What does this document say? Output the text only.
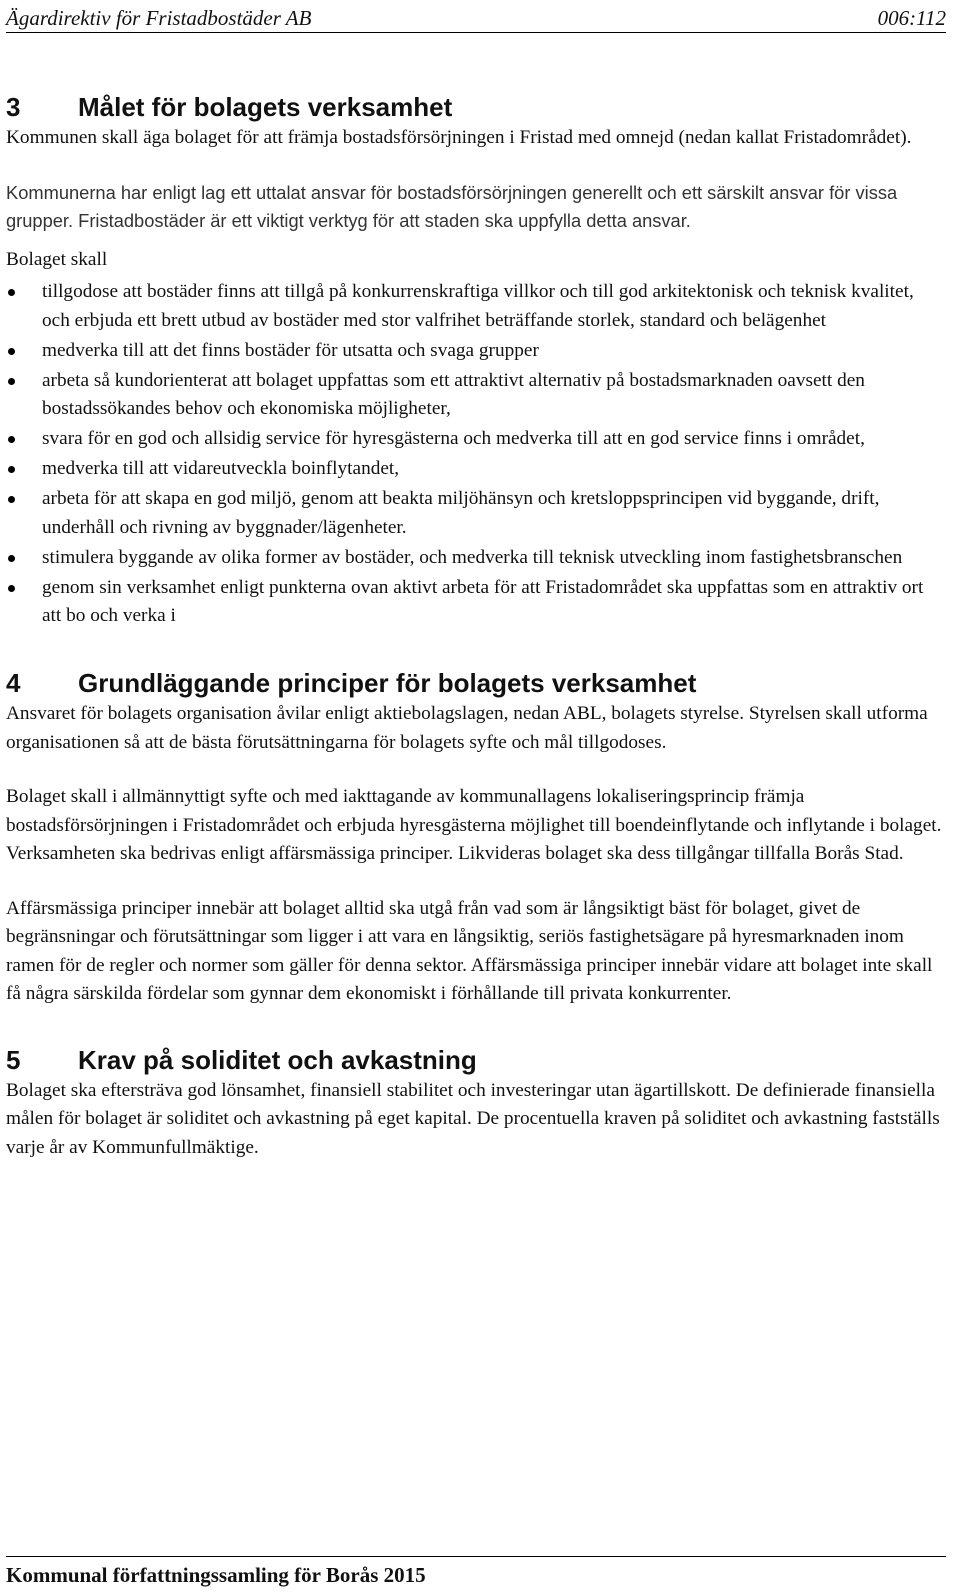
Ägardirektiv för Fristadbostäder AB	006:112
3 Målet för bolagets verksamhet

Kommunen skall äga bolaget för att främja bostadsförsörjningen i Fristad med omnejd (nedan kallat Fristadområdet).

Kommunerna har enligt lag ett uttalat ansvar för bostadsförsörjningen generellt och ett särskilt ansvar för vissa grupper. Fristadbostäder är ett viktigt verktyg för att staden ska uppfylla detta ansvar.

Bolaget skall

tillgodose att bostäder finns att tillgå på konkurrenskraftiga villkor och till god arkitektonisk och teknisk kvalitet, och erbjuda ett brett utbud av bostäder med stor valfrihet beträffande storlek, standard och belägenhet
medverka till att det finns bostäder för utsatta och svaga grupper
arbeta så kundorienterat att bolaget uppfattas som ett attraktivt alternativ på bostadsmarknaden oavsett den bostadssökandes behov och ekonomiska möjligheter,
svara för en god och allsidig service för hyresgästerna och medverka till att en god service finns i området,
medverka till att vidareutveckla boinflytandet,
arbeta för att skapa en god miljö, genom att beakta miljöhänsyn och kretsloppsprincipen vid byggande, drift, underhåll och rivning av byggnader/lägenheter.
stimulera byggande av olika former av bostäder, och medverka till teknisk utveckling inom fastighetsbranschen
genom sin verksamhet enligt punkterna ovan aktivt arbeta för att Fristadområdet ska uppfattas som en attraktiv ort att bo och verka i
4 Grundläggande principer för bolagets verksamhet

Ansvaret för bolagets organisation åvilar enligt aktiebolagslagen, nedan ABL, bolagets styrelse. Styrelsen skall utforma organisationen så att de bästa förutsättningarna för bolagets syfte och mål tillgodoses.

Bolaget skall i allmännyttigt syfte och med iakttagande av kommunallagens lokaliseringsprincip främja bostadsförsörjningen i Fristadområdet och erbjuda hyresgästerna möjlighet till boendeinflytande och inflytande i bolaget. Verksamheten ska bedrivas enligt affärsmässiga principer. Likvideras bolaget ska dess tillgångar tillfalla Borås Stad.

Affärsmässiga principer innebär att bolaget alltid ska utgå från vad som är långsiktigt bäst för bolaget, givet de begränsningar och förutsättningar som ligger i att vara en långsiktig, seriös fastighetsägare på hyresmarknaden inom ramen för de regler och normer som gäller för denna sektor. Affärsmässiga principer innebär vidare att bolaget inte skall få några särskilda fördelar som gynnar dem ekonomiskt i förhållande till privata konkurrenter.

5 Krav på soliditet och avkastning

Bolaget ska eftersträva god lönsamhet, finansiell stabilitet och investeringar utan ägartillskott. De definierade finansiella målen för bolaget är soliditet och avkastning på eget kapital. De procentuella kraven på soliditet och avkastning fastställs varje år av Kommunfullmäktige.

Kommunal författningssamling för Borås 2015
